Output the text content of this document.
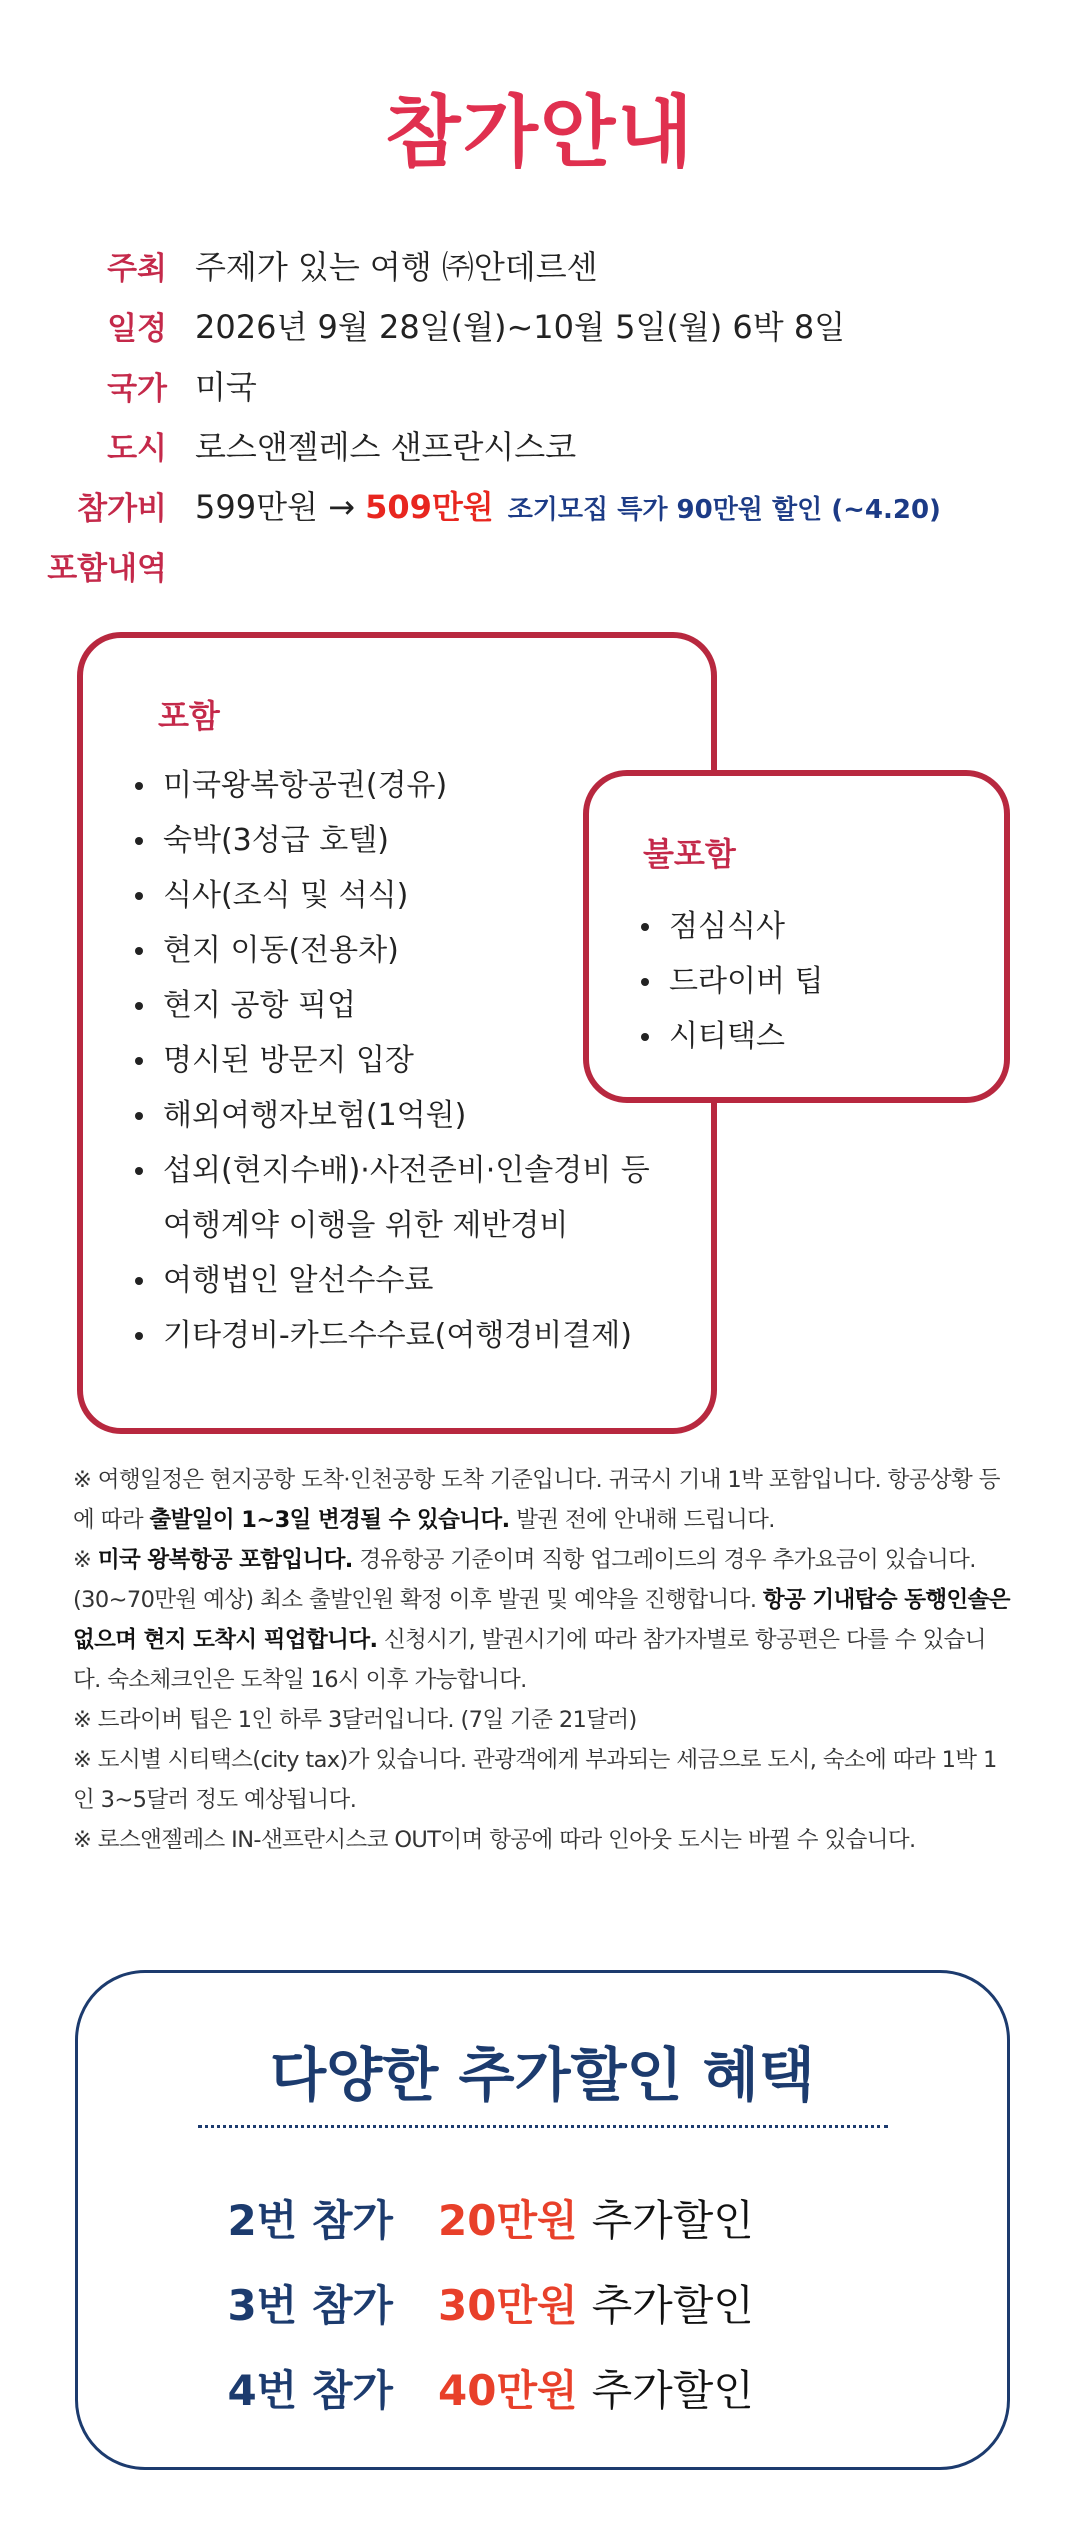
참가안내
주최 주제가 있는 여행 ㈜안데르센
일정 2026년 9월 28일(월)~10월 5일(월) 6박 8일
국가 미국
도시 로스앤젤레스 샌프란시스코
참가비 599만원 → 509만원 조기모집 특가 90만원 할인 (~4.20)
포함내역
포함
미국왕복항공권(경유)
숙박(3성급 호텔)
식사(조식 및 석식)
현지 이동(전용차)
현지 공항 픽업
명시된 방문지 입장
해외여행자보험(1억원)
섭외(현지수배)·사전준비·인솔경비 등 여행계약 이행을 위한 제반경비
여행법인 알선수수료
기타경비-카드수수료(여행경비결제)
불포함
점심식사
드라이버 팁
시티택스

※ 여행일정은 현지공항 도착·인천공항 도착 기준입니다. 귀국시 기내 1박 포함입니다. 항공상황 등에 따라 출발일이 1~3일 변경될 수 있습니다. 발권 전에 안내해 드립니다.

※ 미국 왕복항공 포함입니다. 경유항공 기준이며 직항 업그레이드의 경우 추가요금이 있습니다. (30~70만원 예상) 최소 출발인원 확정 이후 발권 및 예약을 진행합니다. 항공 기내탑승 동행인솔은 없으며 현지 도착시 픽업합니다. 신청시기, 발권시기에 따라 참가자별로 항공편은 다를 수 있습니다. 숙소체크인은 도착일 16시 이후 가능합니다.

※ 드라이버 팁은 1인 하루 3달러입니다. (7일 기준 21달러)

※ 도시별 시티택스(city tax)가 있습니다. 관광객에게 부과되는 세금으로 도시, 숙소에 따라 1박 1인 3~5달러 정도 예상됩니다.

※ 로스앤젤레스 IN-샌프란시스코 OUT이며 항공에 따라 인아웃 도시는 바뀔 수 있습니다.

다양한 추가할인 혜택
2번 참가	20만원 추가할인
3번 참가	30만원 추가할인
4번 참가	40만원 추가할인
